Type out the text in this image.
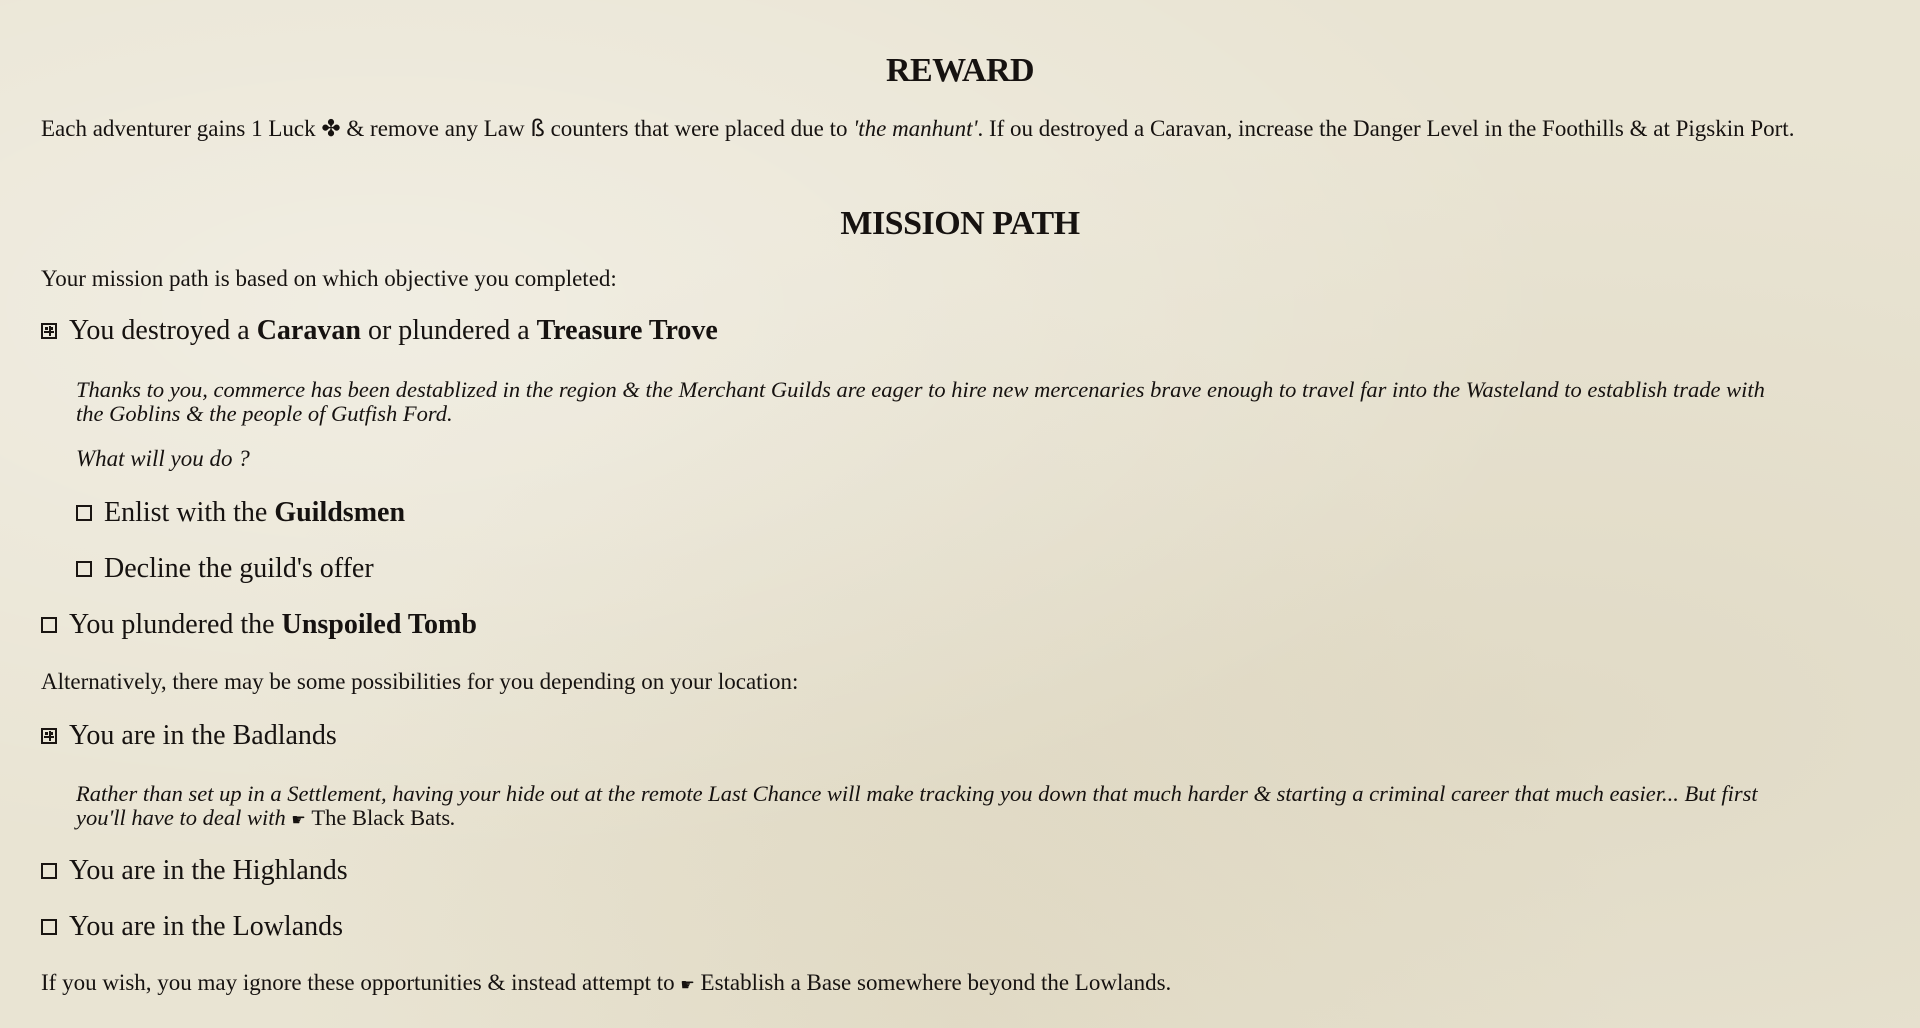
REWARD
Each adventurer gains 1 Luck ✤ & remove any Law ß counters that were placed due to 'the manhunt'. If ou destroyed a Caravan, increase the Danger Level in the Foothills & at Pigskin Port.
MISSION PATH
Your mission path is based on which objective you completed:
You destroyed a Caravan or plundered a Treasure Trove
Thanks to you, commerce has been destablized in the region & the Merchant Guilds are eager to hire new mercenaries brave enough to travel far into the Wasteland to establish trade with
the Goblins & the people of Gutfish Ford.
What will you do ?
Enlist with the Guildsmen
Decline the guild's offer
You plundered the Unspoiled Tomb
Alternatively, there may be some possibilities for you depending on your location:
You are in the Badlands
Rather than set up in a Settlement, having your hide out at the remote Last Chance will make tracking you down that much harder & starting a criminal career that much easier... But first
you'll have to deal with ☛ The Black Bats.
You are in the Highlands
You are in the Lowlands
If you wish, you may ignore these opportunities & instead attempt to ☛ Establish a Base somewhere beyond the Lowlands.
